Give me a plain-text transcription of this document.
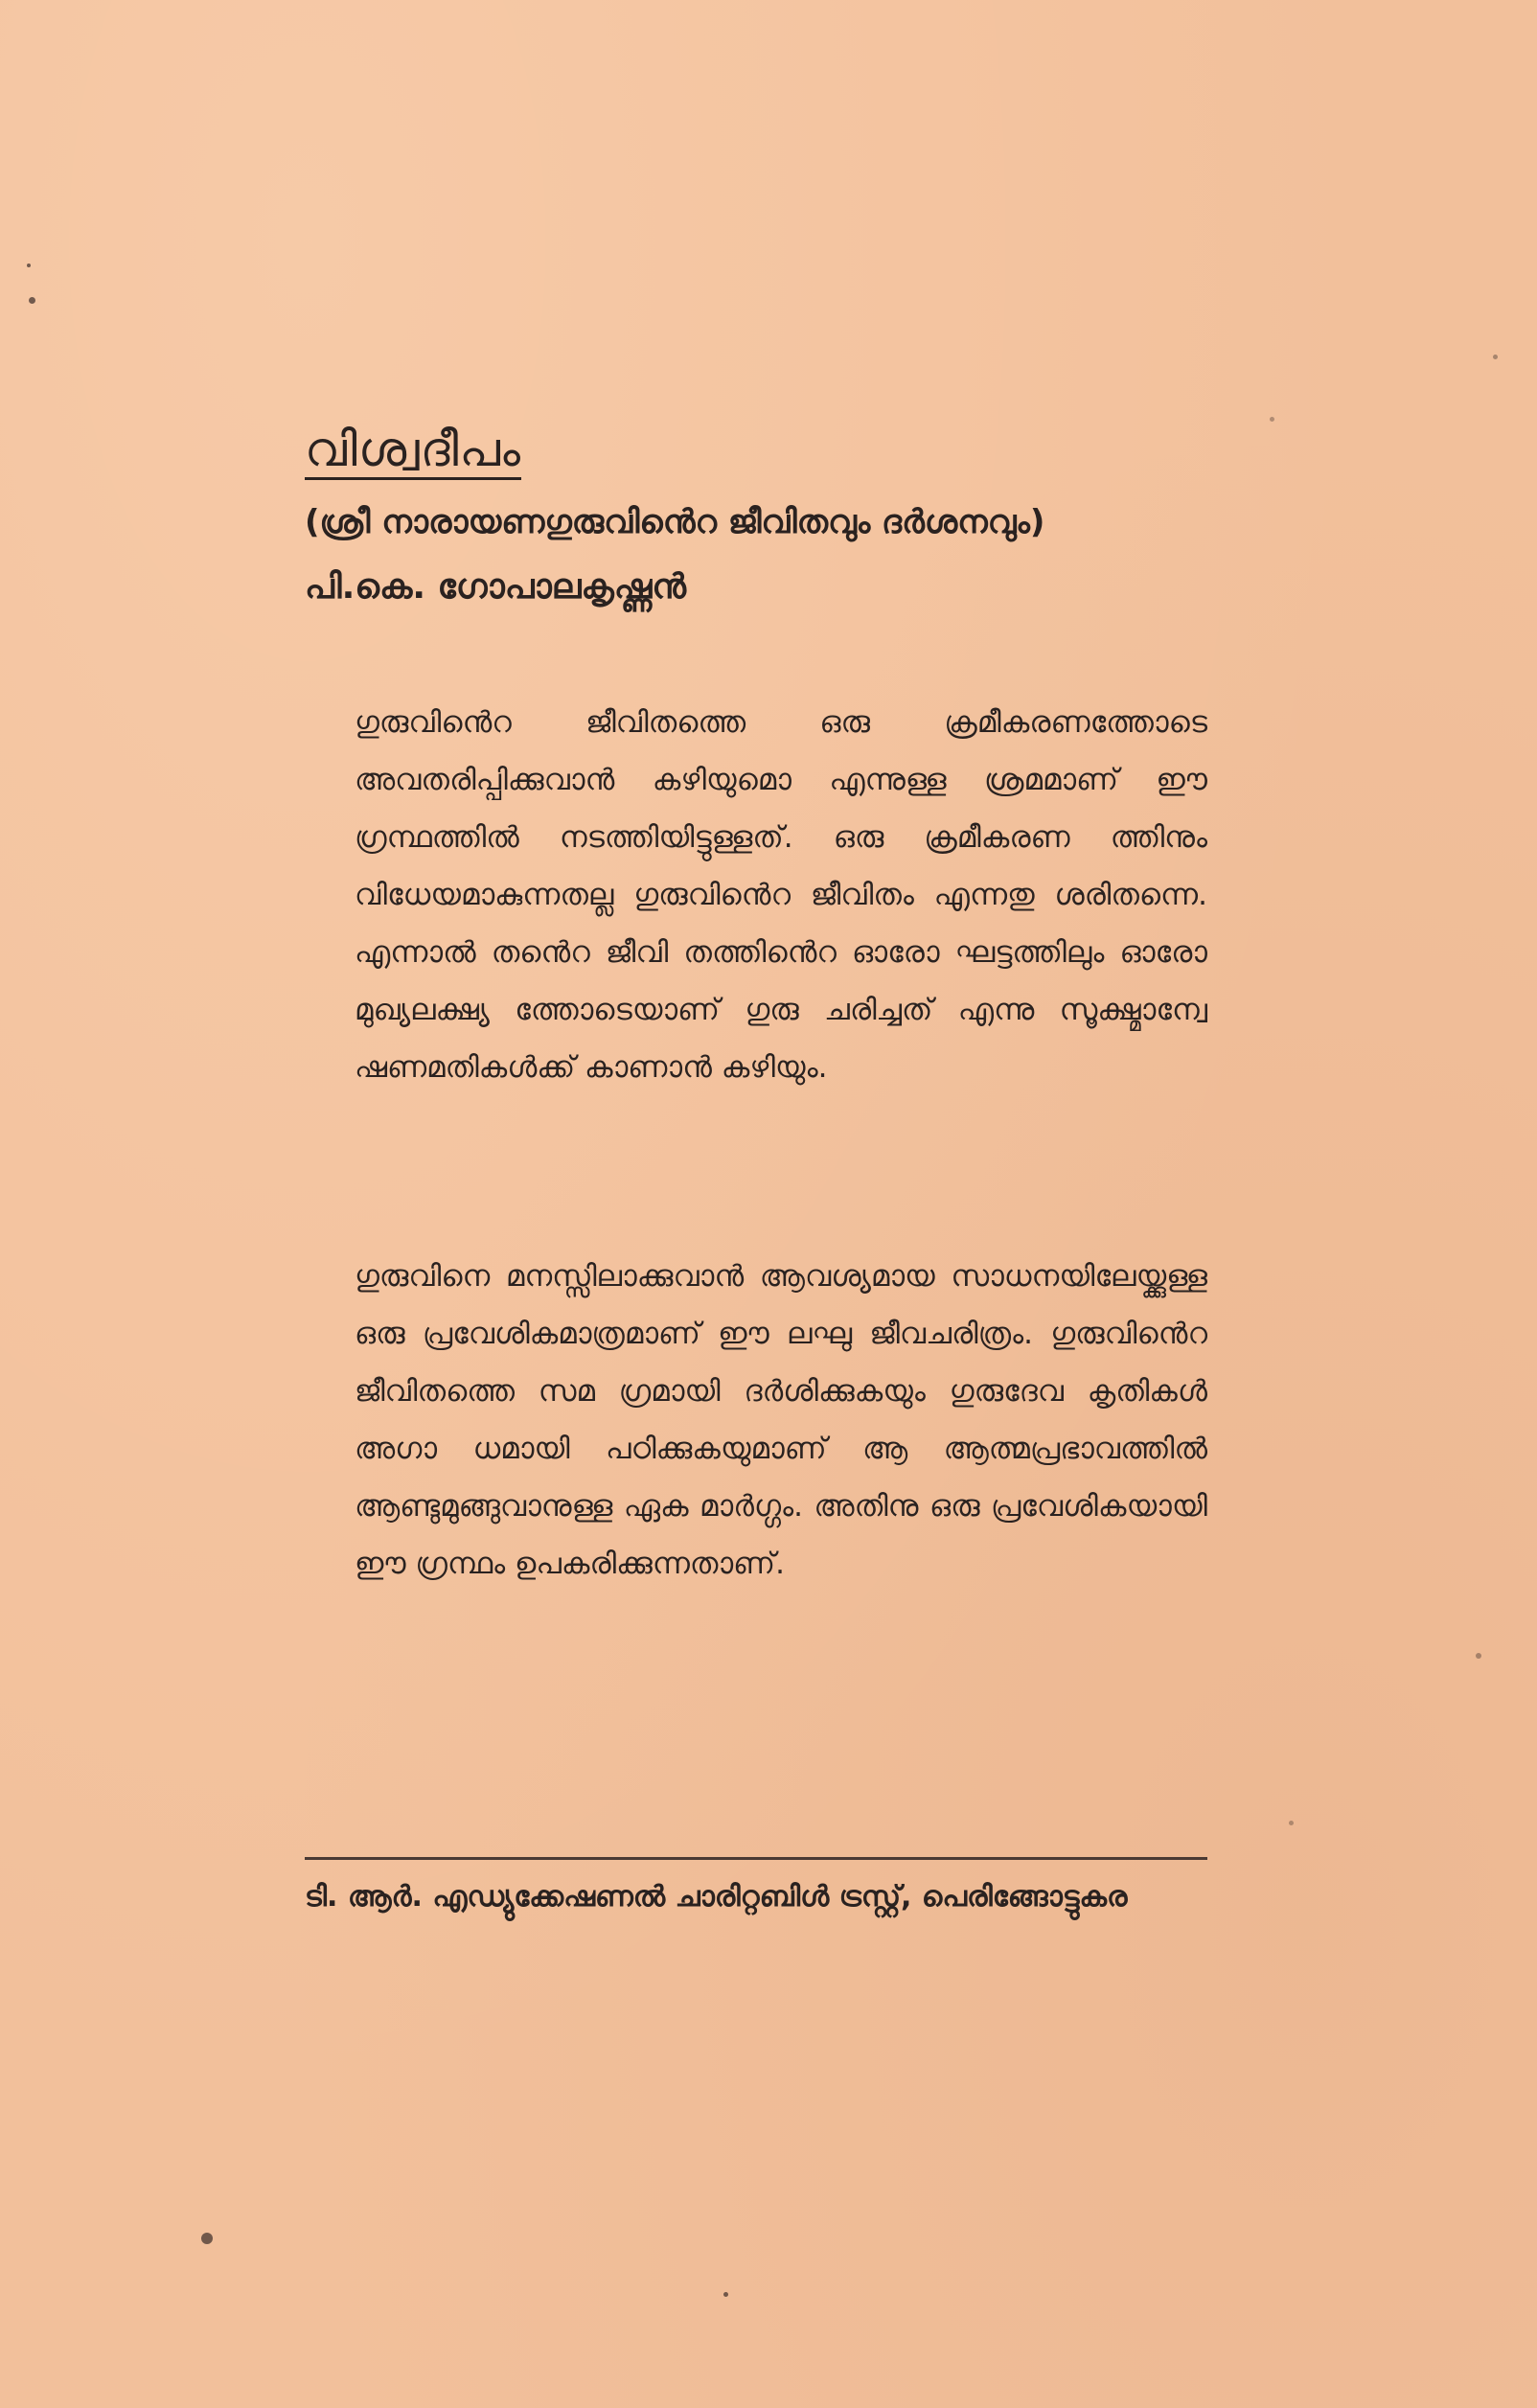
വിശ്വദീപം
(ശ്രീ നാരായണഗുരുവിൻെറ ജീവിതവും ദർശനവും)
പി.കെ. ഗോപാലകൃഷ്ണൻ

ഗുരുവിൻെറ ജീവിതത്തെ ഒരു ക്രമീകരണത്തോടെ അവതരിപ്പിക്കുവാൻ കഴിയുമൊ എന്നുള്ള ശ്രമമാണ് ഈ ഗ്രന്ഥത്തിൽ നടത്തിയിട്ടുള്ളത്. ഒരു ക്രമീകരണ ത്തിനും വിധേയമാകുന്നതല്ല ഗുരുവിൻെറ ജീവിതം എന്നതു ശരിതന്നെ. എന്നാൽ തൻെറ ജീവി തത്തിൻെറ ഓരോ ഘട്ടത്തിലും ഓരോ മുഖ്യലക്ഷ്യ ത്തോടെയാണ് ഗുരു ചരിച്ചത് എന്നു സൂക്ഷ്മാന്വേ ഷണമതികൾക്ക് കാണാൻ കഴിയും.

ഗുരുവിനെ മനസ്സിലാക്കുവാൻ ആവശ്യമായ സാധനയിലേയ്ക്കുള്ള ഒരു പ്രവേശികമാത്രമാണ് ഈ ലഘു ജീവചരിത്രം. ഗുരുവിൻെറ ജീവിതത്തെ സമ ഗ്രമായി ദർശിക്കുകയും ഗുരുദേവ കൃതികൾ അഗാ ധമായി പഠിക്കുകയുമാണ് ആ ആത്മപ്രഭാവത്തിൽ ആണ്ടുമുങ്ങുവാനുള്ള ഏക മാർഗ്ഗം. അതിനു ഒരു പ്രവേശികയായി ഈ ഗ്രന്ഥം ഉപകരിക്കുന്നതാണ്.

ടി. ആർ. എഡ്യുക്കേഷണൽ ചാരിറ്റബിൾ ട്രസ്റ്റ്, പെരിങ്ങോട്ടുകര
